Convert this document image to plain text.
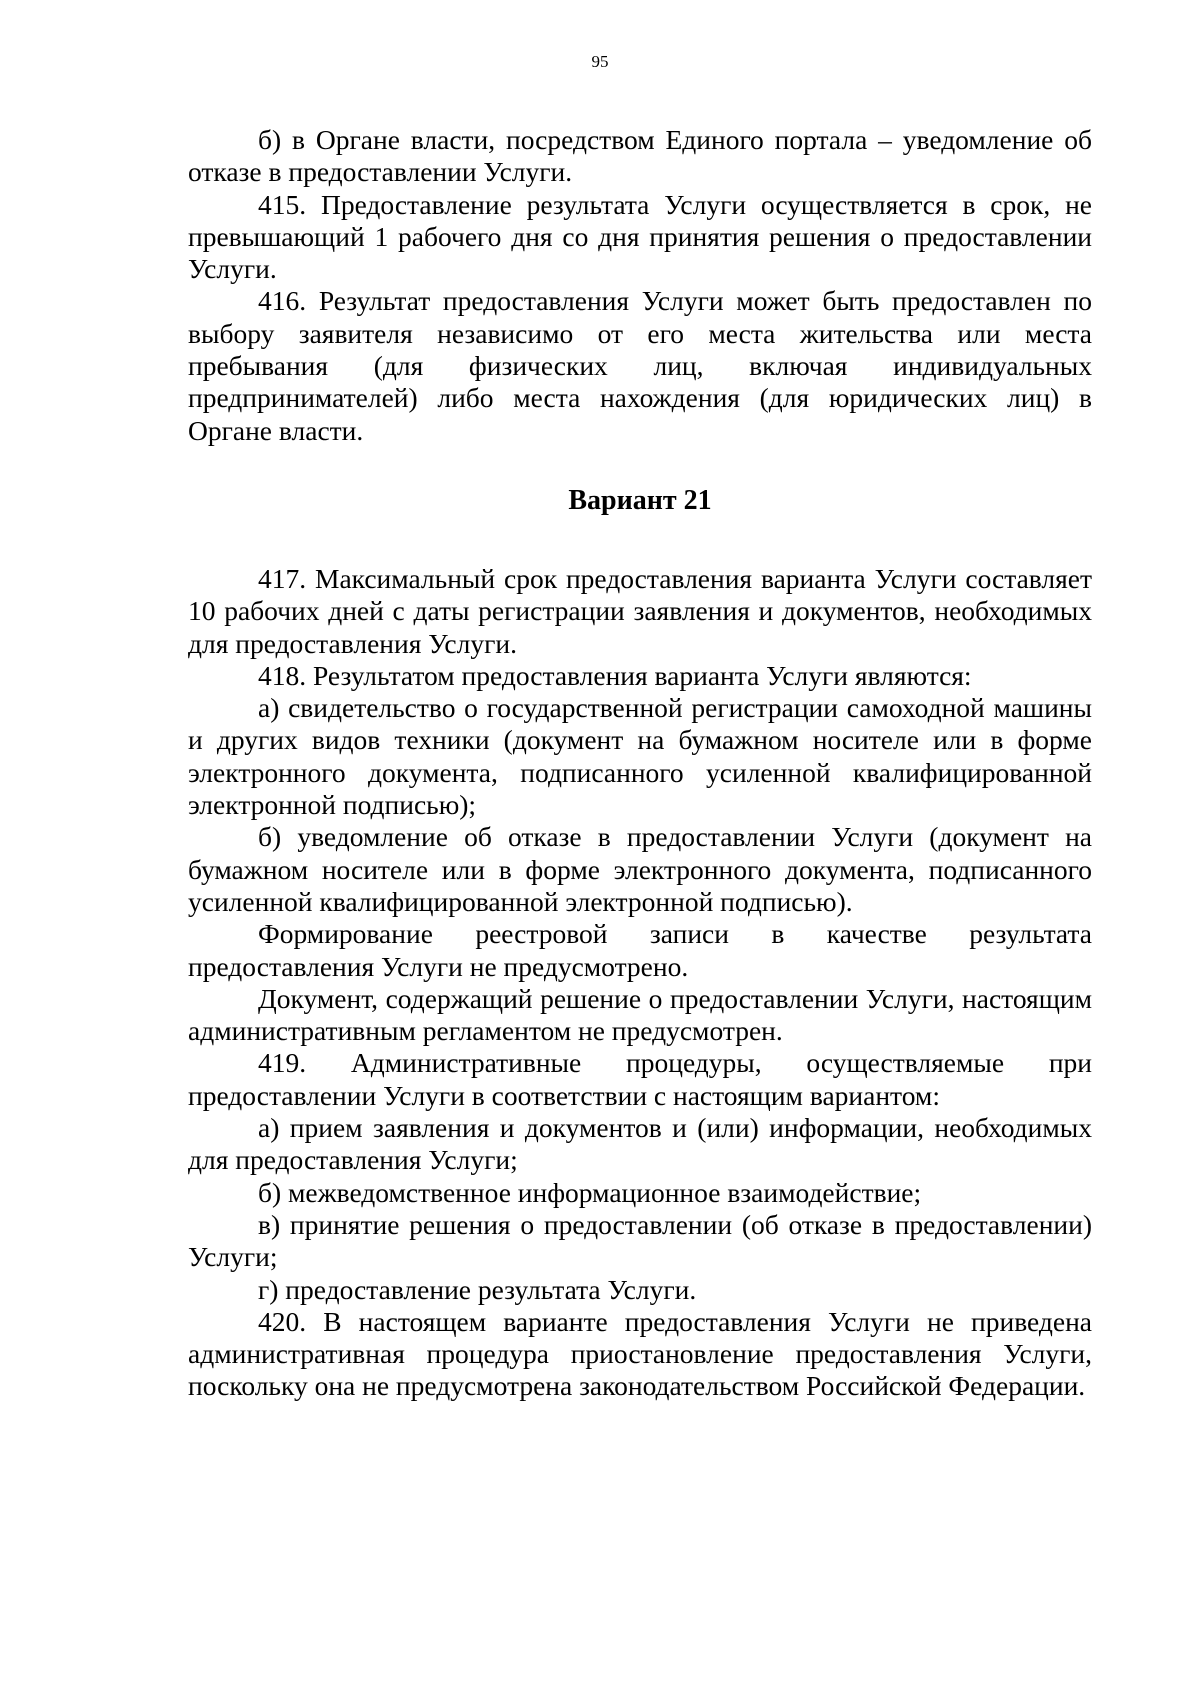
95

б) в Органе власти, посредством Единого портала – уведомление об отказе в предоставлении Услуги.

415. Предоставление результата Услуги осуществляется в срок, не превышающий 1 рабочего дня со дня принятия решения о предоставлении Услуги.

416. Результат предоставления Услуги может быть предоставлен по выбору заявителя независимо от его места жительства или места пребывания (для физических лиц, включая индивидуальных предпринимателей) либо места нахождения (для юридических лиц) в Органе власти.

Вариант 21

417. Максимальный срок предоставления варианта Услуги составляет 10 рабочих дней с даты регистрации заявления и документов, необходимых для предоставления Услуги.

418. Результатом предоставления варианта Услуги являются:

а) свидетельство о государственной регистрации самоходной машины и других видов техники (документ на бумажном носителе или в форме электронного документа, подписанного усиленной квалифицированной электронной подписью);

б) уведомление об отказе в предоставлении Услуги (документ на бумажном носителе или в форме электронного документа, подписанного усиленной квалифицированной электронной подписью).

Формирование реестровой записи в качестве результата предоставления Услуги не предусмотрено.

Документ, содержащий решение о предоставлении Услуги, настоящим административным регламентом не предусмотрен.

419. Административные процедуры, осуществляемые при предоставлении Услуги в соответствии с настоящим вариантом:

а) прием заявления и документов и (или) информации, необходимых для предоставления Услуги;

б) межведомственное информационное взаимодействие;

в) принятие решения о предоставлении (об отказе в предоставлении) Услуги;

г) предоставление результата Услуги.

420. В настоящем варианте предоставления Услуги не приведена административная процедура приостановление предоставления Услуги, поскольку она не предусмотрена законодательством Российской Федерации.
